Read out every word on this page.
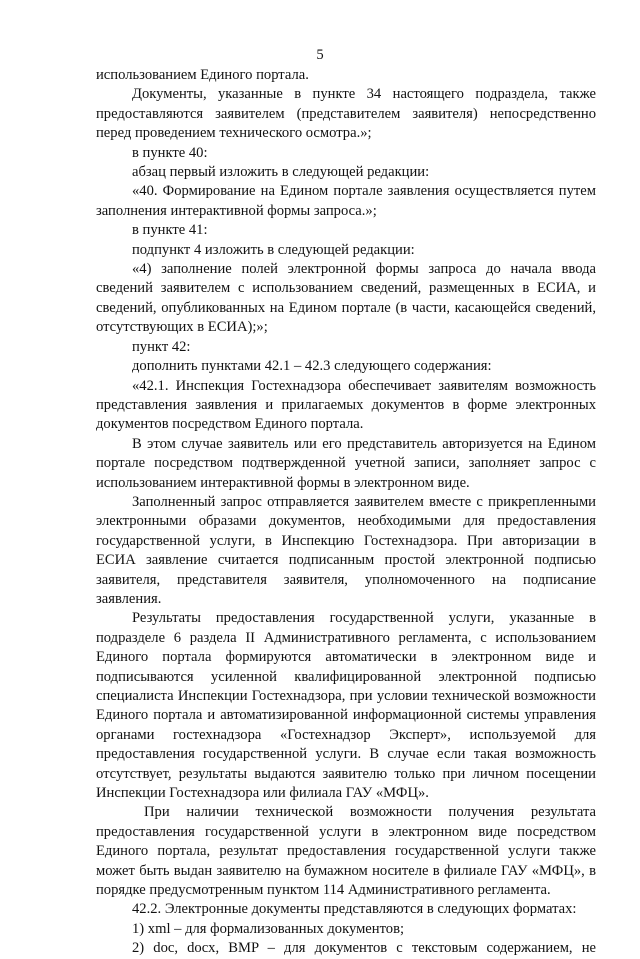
5

использованием Единого портала.

Документы, указанные в пункте 34 настоящего подраздела, также предоставляются заявителем (представителем заявителя) непосредственно перед проведением технического осмотра.»;

в пункте 40:

абзац первый изложить в следующей редакции:

«40. Формирование на Едином портале заявления осуществляется путем заполнения интерактивной формы запроса.»;

в пункте 41:

подпункт 4 изложить в следующей редакции:

«4) заполнение полей электронной формы запроса до начала ввода сведений заявителем с использованием сведений, размещенных в ЕСИА, и сведений, опубликованных на Едином портале (в части, касающейся сведений, отсутствующих в ЕСИА);»;

пункт 42:

дополнить пунктами 42.1 – 42.3 следующего содержания:

«42.1. Инспекция Гостехнадзора обеспечивает заявителям возможность представления заявления и прилагаемых документов в форме электронных документов посредством Единого портала.

В этом случае заявитель или его представитель авторизуется на Едином портале посредством подтвержденной учетной записи, заполняет запрос с использованием интерактивной формы в электронном виде.

Заполненный запрос отправляется заявителем вместе с прикрепленными электронными образами документов, необходимыми для предоставления государственной услуги, в Инспекцию Гостехнадзора. При авторизации в ЕСИА заявление считается подписанным простой электронной подписью заявителя, представителя заявителя, уполномоченного на подписание заявления.

Результаты предоставления государственной услуги, указанные в подразделе 6 раздела II Административного регламента, с использованием Единого портала формируются автоматически в электронном виде и подписываются усиленной квалифицированной электронной подписью специалиста Инспекции Гостехнадзора, при условии технической возможности Единого портала и автоматизированной информационной системы управления органами гостехнадзора «Гостехнадзор Эксперт», используемой для предоставления государственной услуги. В случае если такая возможность отсутствует, результаты выдаются заявителю только при личном посещении Инспекции Гостехнадзора или филиала ГАУ «МФЦ».

При наличии технической возможности получения результата предоставления государственной услуги в электронном виде посредством Единого портала, результат предоставления государственной услуги также может быть выдан заявителю на бумажном носителе в филиале ГАУ «МФЦ», в порядке предусмотренным пунктом 114 Административного регламента.

42.2. Электронные документы представляются в следующих форматах:

1) xml – для формализованных документов;

2) doc, docx, BMP – для документов с текстовым содержанием, не
